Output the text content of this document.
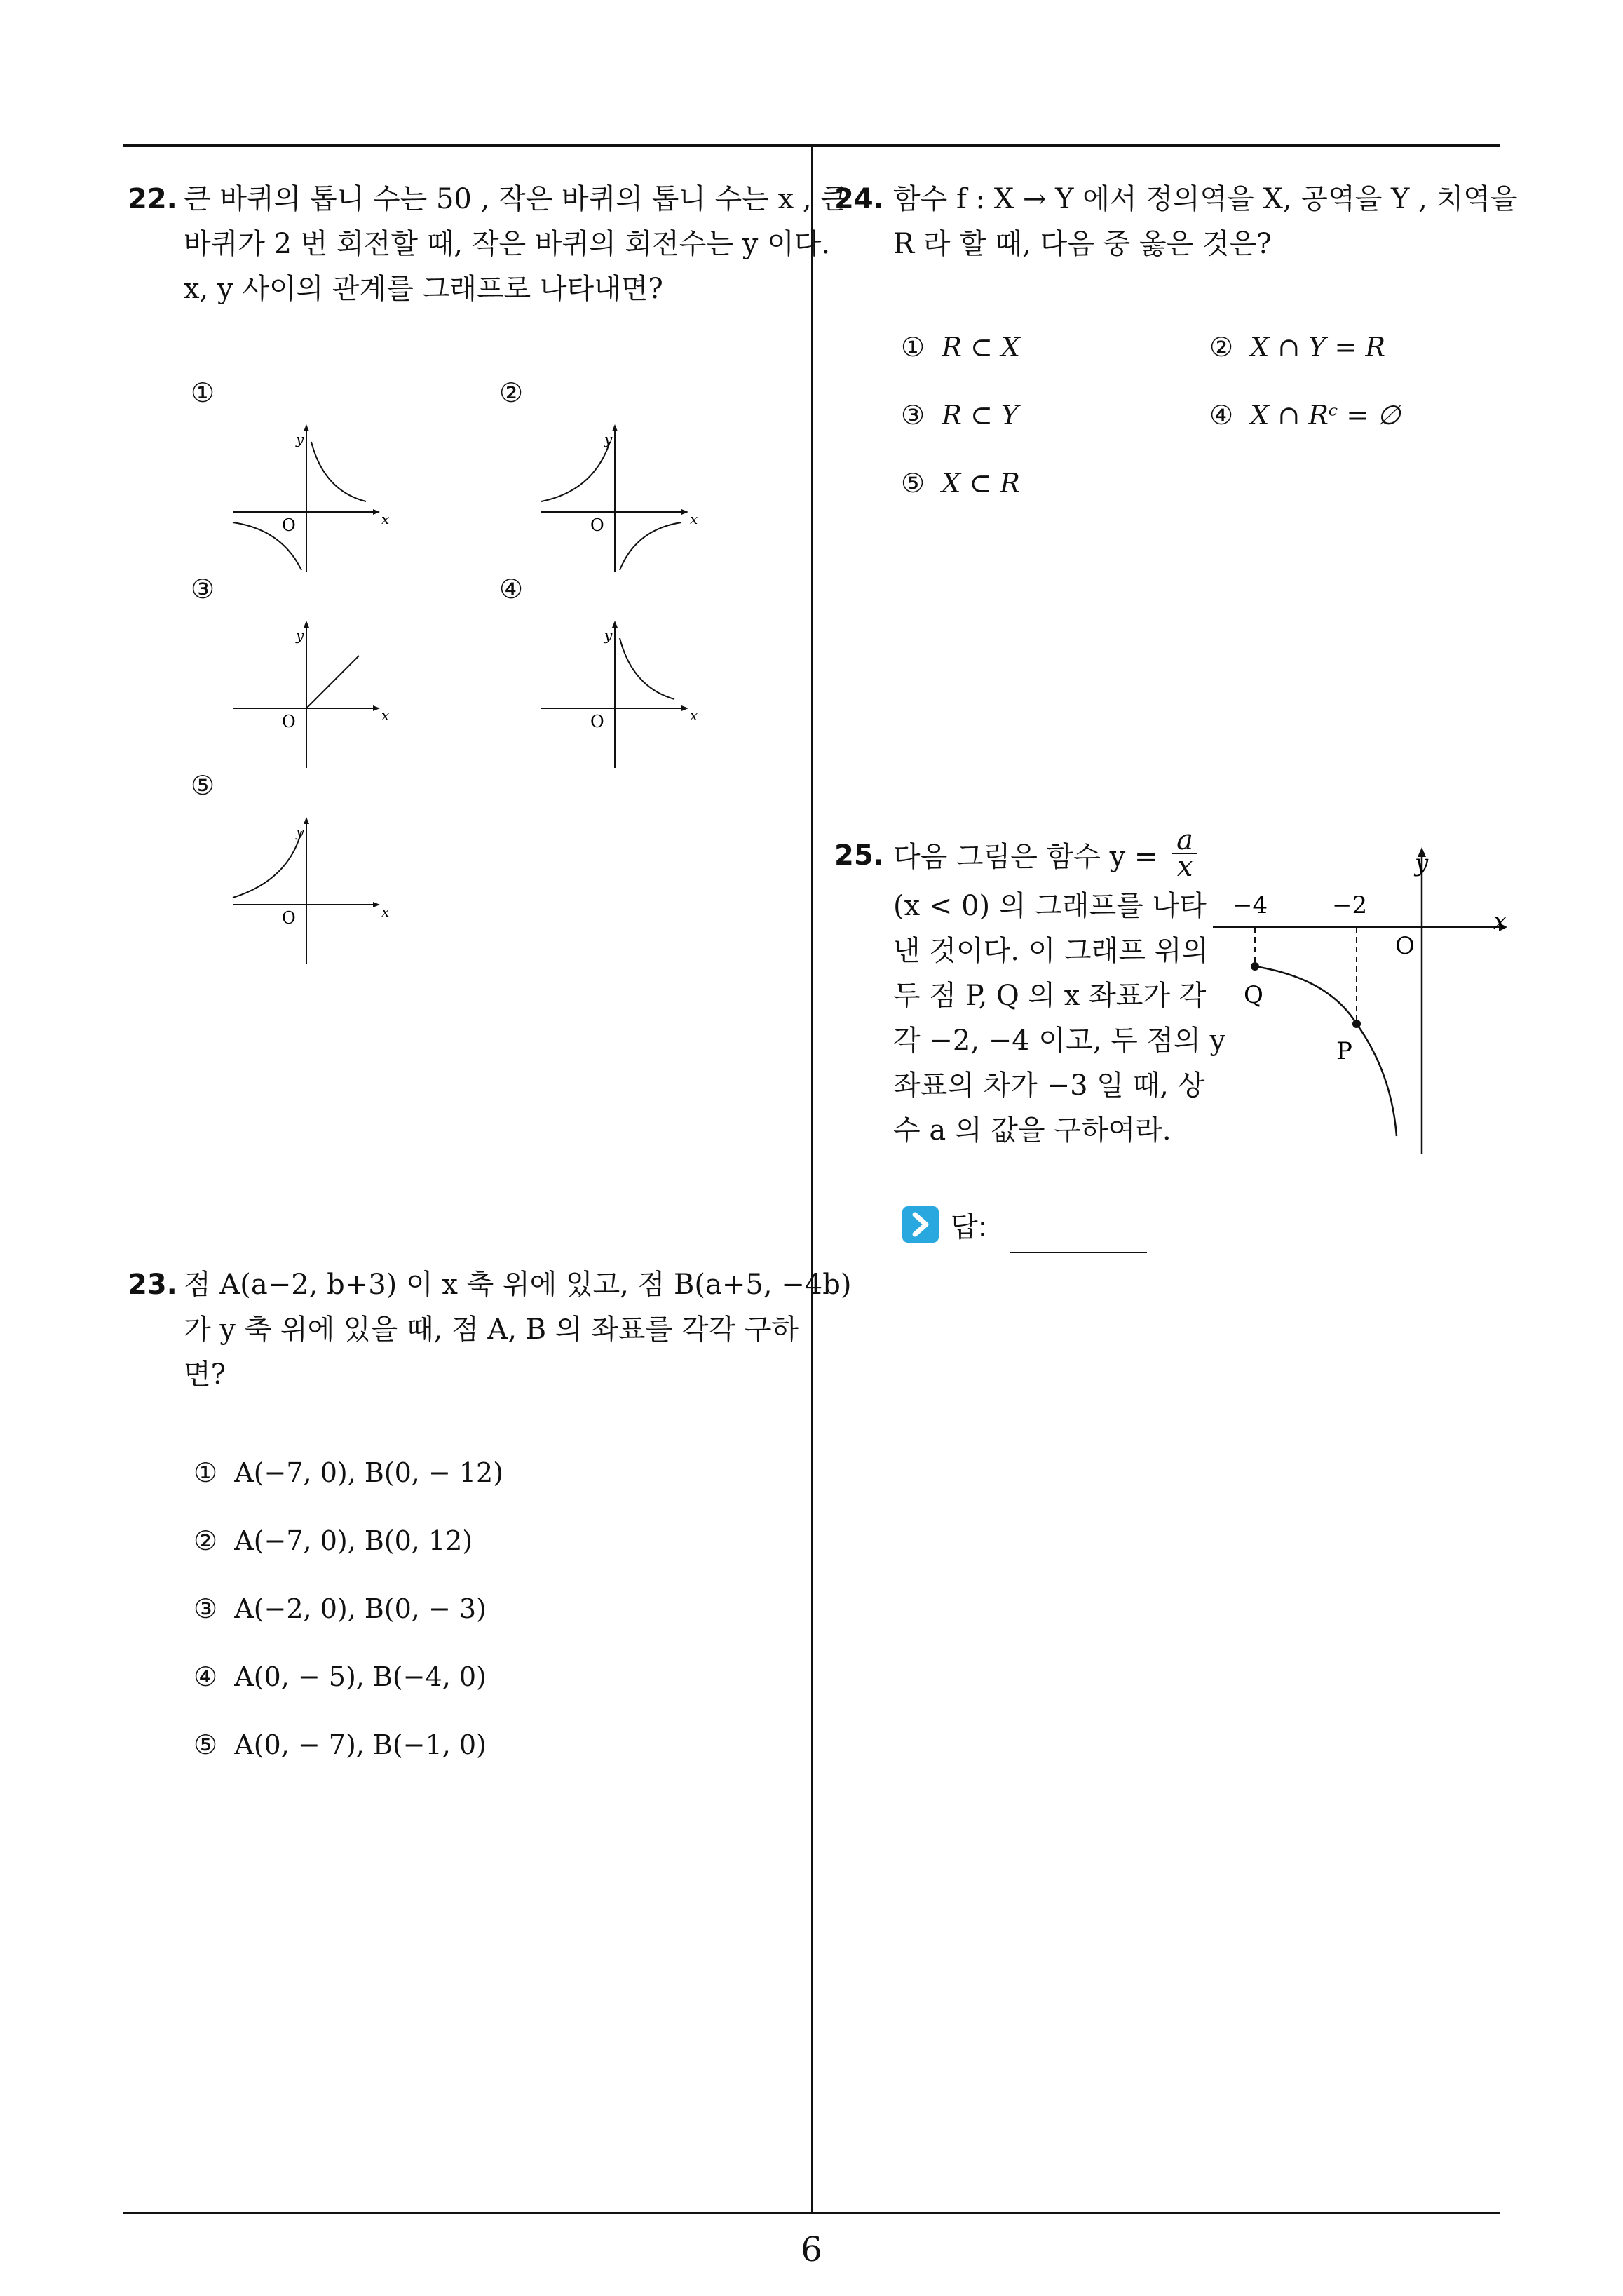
22. 큰 바퀴의 톱니 수는 50 , 작은 바퀴의 톱니 수는 x , 큰
바퀴가 2 번 회전할 때, 작은 바퀴의 회전수는 y 이다.
x, y 사이의 관계를 그래프로 나타내면?
①
x
y
O
②
x
y
O
③
x
y
O
④
x
y
O
⑤
x
y
O
23. 점 A(a−2, b+3) 이 x 축 위에 있고, 점 B(a+5, −4b)
가 y 축 위에 있을 때, 점 A, B 의 좌표를 각각 구하
면?
① A(−7, 0), B(0, − 12)
② A(−7, 0), B(0, 12)
③ A(−2, 0), B(0, − 3)
④ A(0, − 5), B(−4, 0)
⑤ A(0, − 7), B(−1, 0)
24. 함수 f : X → Y 에서 정의역을 X, 공역을 Y , 치역을
R 라 할 때, 다음 중 옳은 것은?
① R ⊂ X	② X ∩ Y = R
③ R ⊂ Y	④ X ∩ Rᶜ = ∅
⑤ X ⊂ R
25. 다음 그림은 함수 $y = \frac{a}{x}$
(x < 0) 의 그래프를 나타
낸 것이다. 이 그래프 위의
두 점 P, Q 의 x 좌표가 각
각 −2, −4 이고, 두 점의 y
좌표의 차가 −3 일 때, 상
수 a 의 값을 구하여라.
x
y
O
−4	−2
Q
P
답:
6
